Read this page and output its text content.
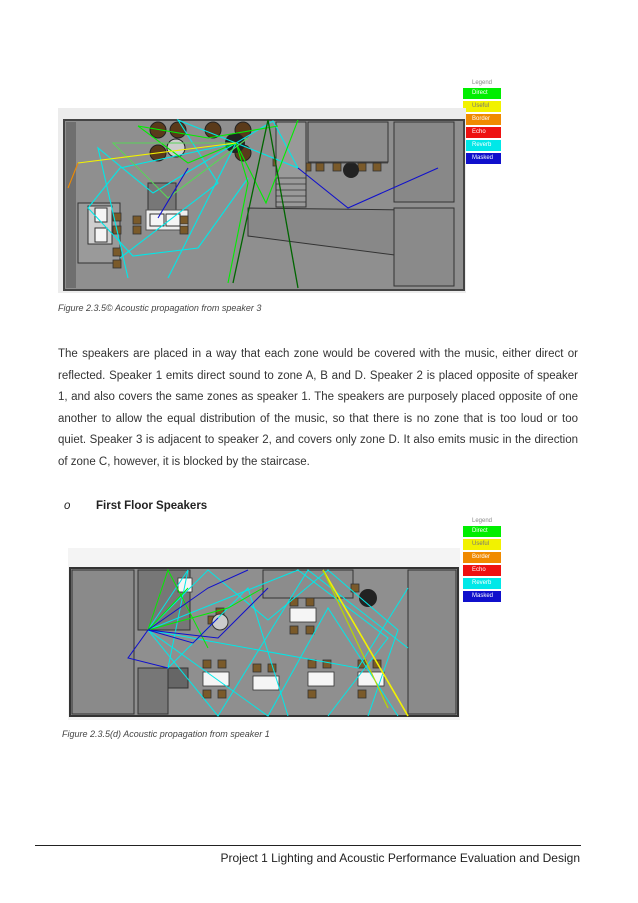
Legend
Direct
Useful
Border
Echo
Reverb
Masked
Figure 2.3.5© Acoustic propagation from speaker 3
The speakers are placed in a way that each zone would be covered with the music, either direct or reflected. Speaker 1 emits direct sound to zone A, B and D. Speaker 2 is placed opposite of speaker 1, and also covers the same zones as speaker 1. The speakers are purposely placed opposite of one another to allow the equal distribution of the music, so that there is no zone that is too loud or too quiet. Speaker 3 is adjacent to speaker 2, and covers only zone D. It also emits music in the direction of zone C, however, it is blocked by the staircase.
o First Floor Speakers
Legend
Direct
Useful
Border
Echo
Reverb
Masked
Figure 2.3.5(d) Acoustic propagation from speaker 1
Project 1 Lighting and Acoustic Performance Evaluation and Design
